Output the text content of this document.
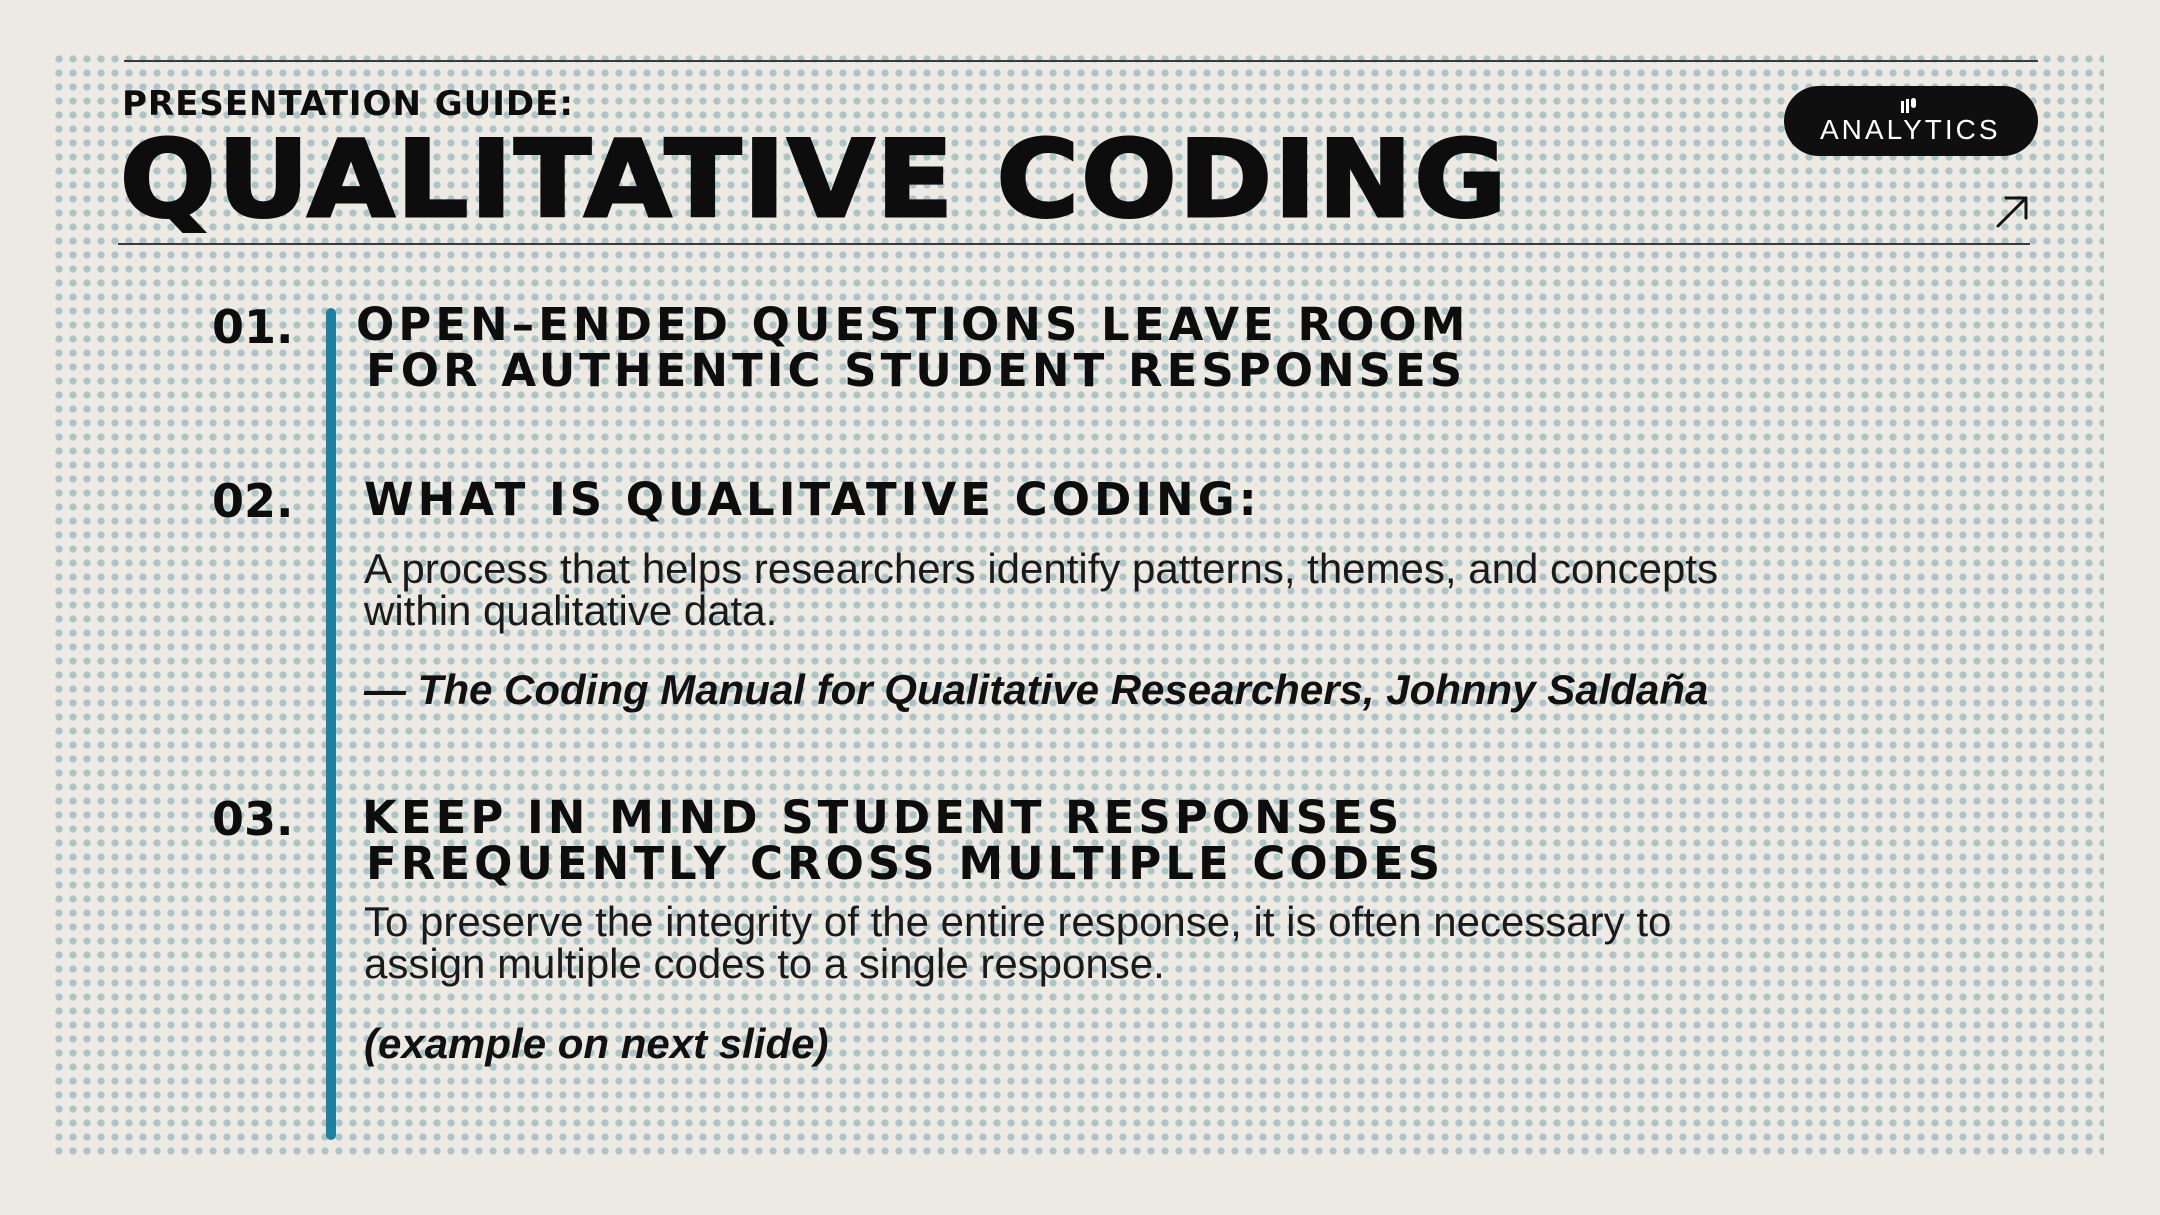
PRESENTATION GUIDE:
QUALITATIVE CODING	ANALYTICS
01. OPEN–ENDED QUESTIONS LEAVE ROOM
FOR AUTHENTIC STUDENT RESPONSES
02. WHAT IS QUALITATIVE CODING:
A process that helps researchers identify patterns, themes, and concepts
within qualitative data.
— The Coding Manual for Qualitative Researchers, Johnny Saldaña
03. KEEP IN MIND STUDENT RESPONSES
FREQUENTLY CROSS MULTIPLE CODES
To preserve the integrity of the entire response, it is often necessary to
assign multiple codes to a single response.
(example on next slide)
